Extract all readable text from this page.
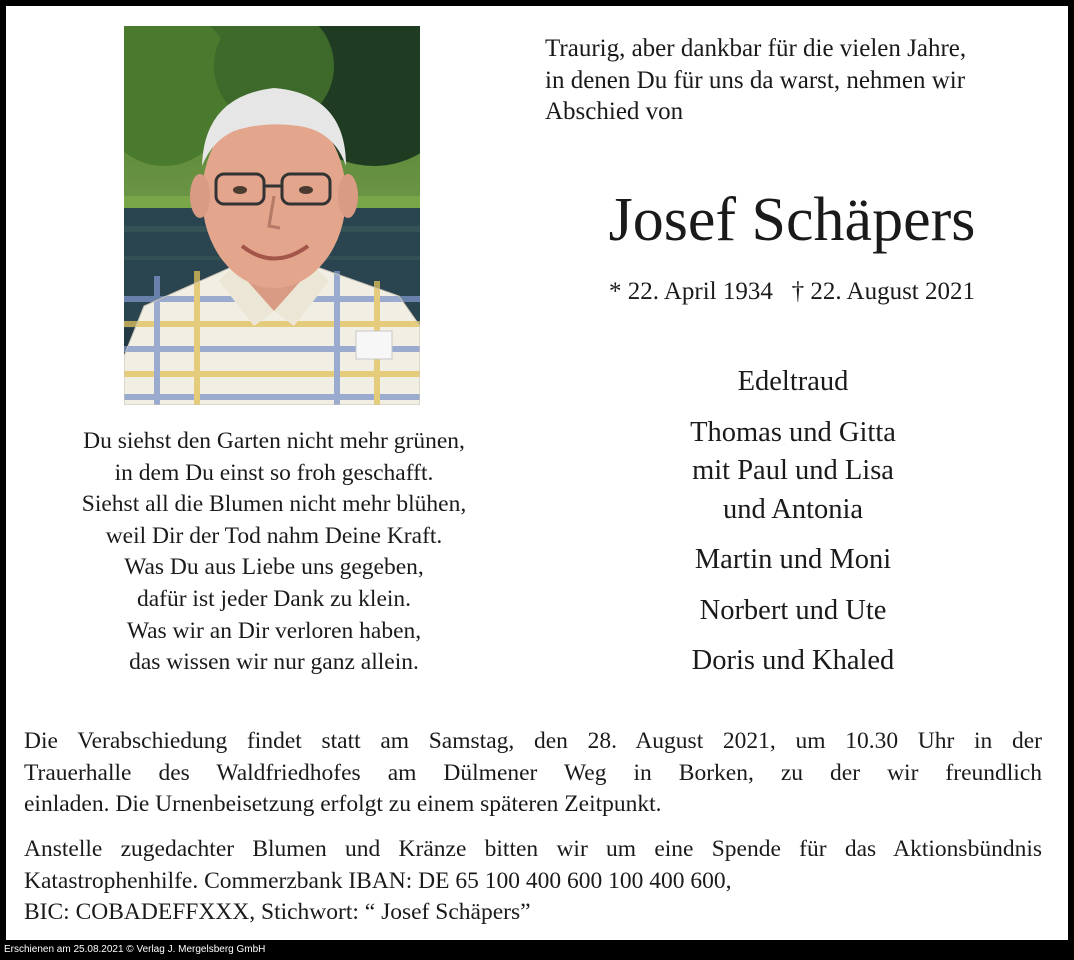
Traurig, aber dankbar für die vielen Jahre,
in denen Du für uns da warst, nehmen wir
Abschied von
Josef Schäpers
* 22. April 1934 † 22. August 2021
Edeltraud
Thomas und Gitta
mit Paul und Lisa
und Antonia
Martin und Moni
Norbert und Ute
Doris und Khaled
Du siehst den Garten nicht mehr grünen,
in dem Du einst so froh geschafft.
Siehst all die Blumen nicht mehr blühen,
weil Dir der Tod nahm Deine Kraft.
Was Du aus Liebe uns gegeben,
dafür ist jeder Dank zu klein.
Was wir an Dir verloren haben,
das wissen wir nur ganz allein.
Die Verabschiedung findet statt am Samstag, den 28. August 2021, um 10.30 Uhr in der
Trauerhalle des Waldfriedhofes am Dülmener Weg in Borken, zu der wir freundlich
einladen. Die Urnenbeisetzung erfolgt zu einem späteren Zeitpunkt.
Anstelle zugedachter Blumen und Kränze bitten wir um eine Spende für das Aktionsbündnis
Katastrophenhilfe. Commerzbank IBAN: DE 65 100 400 600 100 400 600,
BIC: COBADEFFXXX, Stichwort: “ Josef Schäpers”
Erschienen am 25.08.2021 © Verlag J. Mergelsberg GmbH
